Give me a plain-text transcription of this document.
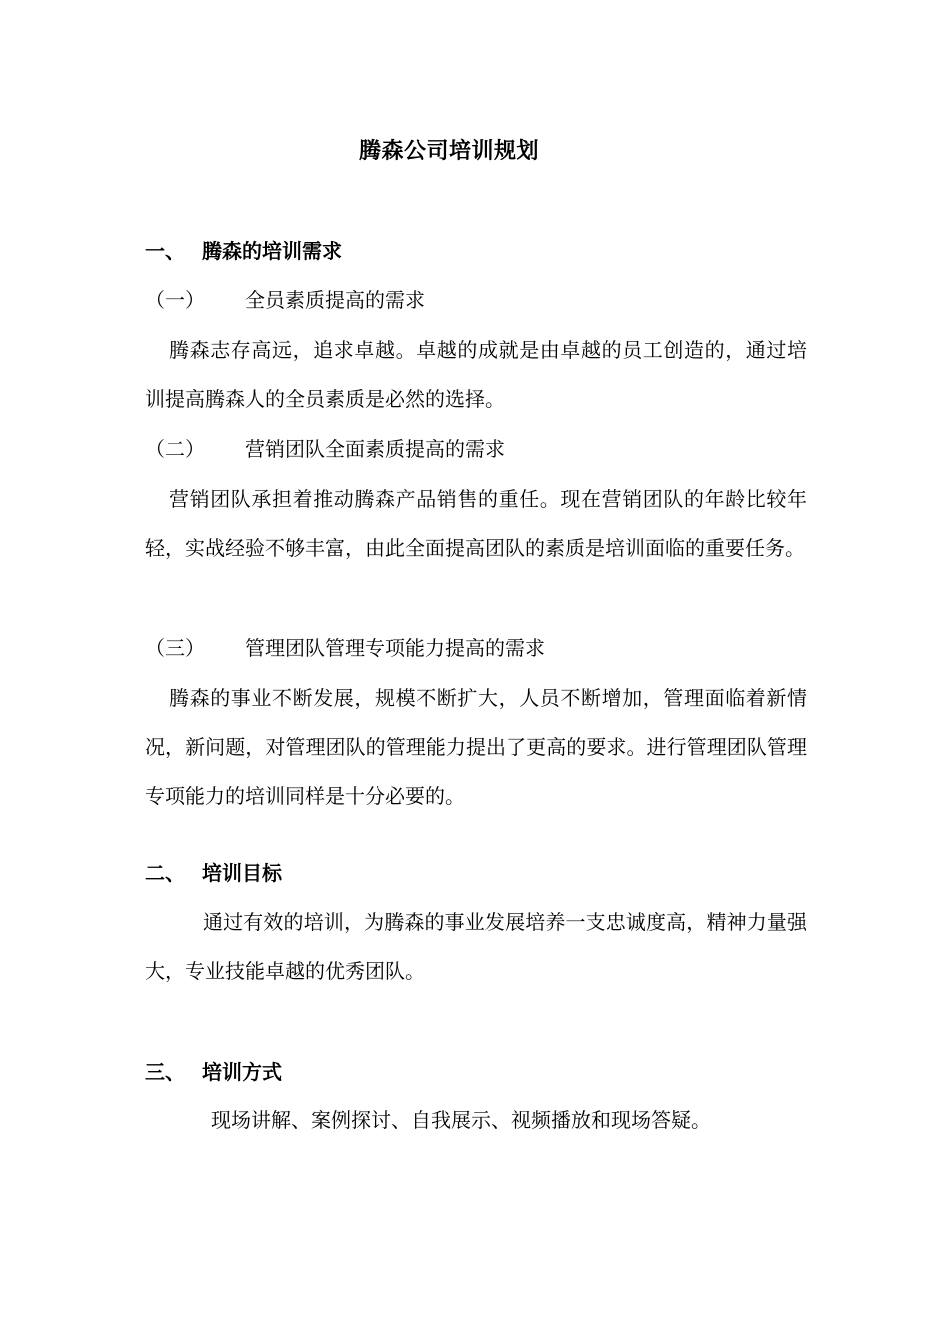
腾森公司培训规划
一、 腾森的培训需求
（一） 全员素质提高的需求

腾森志存高远，追求卓越。卓越的成就是由卓越的员工创造的，通过培训提高腾森人的全员素质是必然的选择。

（二） 营销团队全面素质提高的需求

营销团队承担着推动腾森产品销售的重任。现在营销团队的年龄比较年轻，实战经验不够丰富，由此全面提高团队的素质是培训面临的重要任务。

（三） 管理团队管理专项能力提高的需求

腾森的事业不断发展，规模不断扩大，人员不断增加，管理面临着新情况，新问题，对管理团队的管理能力提出了更高的要求。进行管理团队管理专项能力的培训同样是十分必要的。

二、 培训目标

通过有效的培训，为腾森的事业发展培养一支忠诚度高，精神力量强大，专业技能卓越的优秀团队。

三、 培训方式

现场讲解、案例探讨、自我展示、视频播放和现场答疑。
